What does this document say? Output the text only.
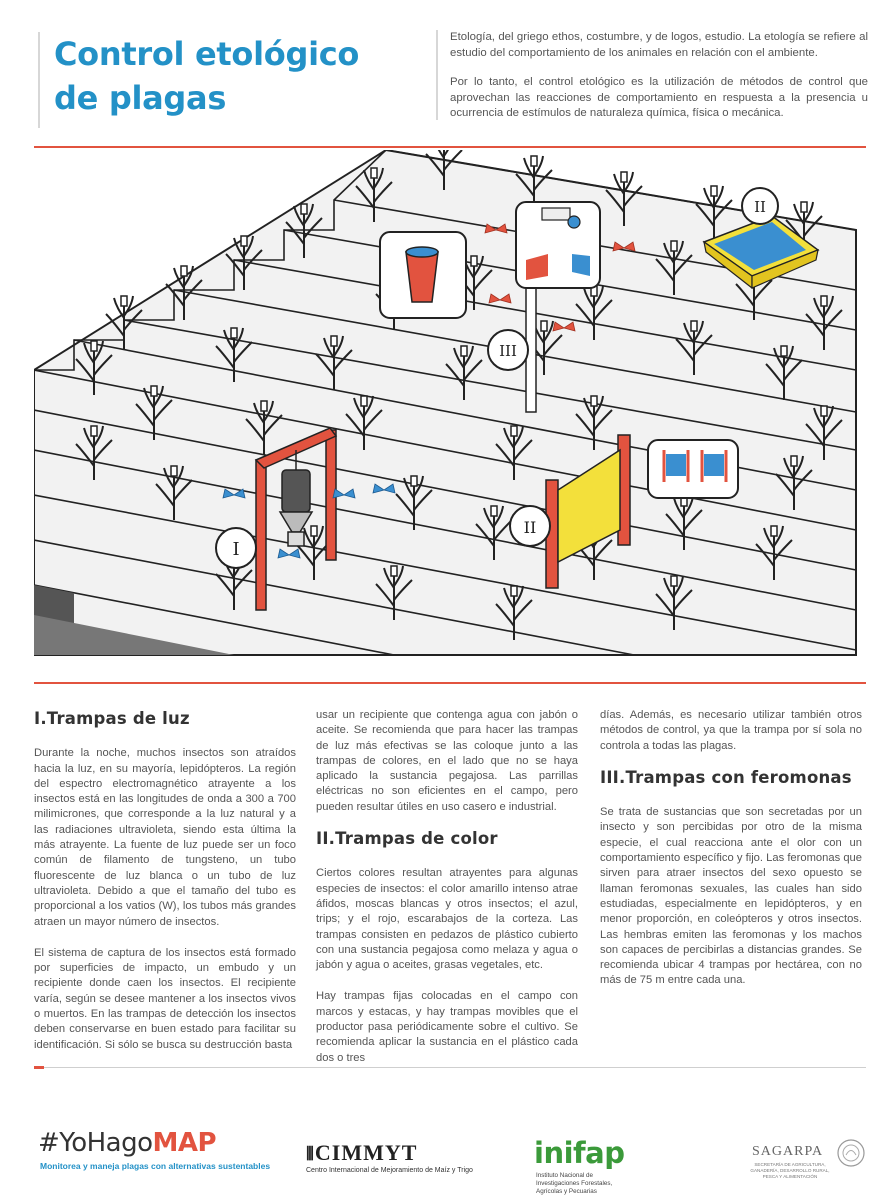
Control etológico
de plagas

Etología, del griego ethos, costumbre, y de logos, estudio. La etología se refiere al estudio del comportamiento de los animales en relación con el ambiente.

Por lo tanto, el control etológico es la utilización de métodos de control que aprovechan las reacciones de comportamiento en respuesta a la presencia u ocurrencia de estímulos de naturaleza química, física o mecánica.

I
II
II
III
I.Trampas de luz

Durante la noche, muchos insectos son atraídos hacia la luz, en su mayoría, lepidópteros. La región del espectro electromagnético atrayente a los insectos está en las longitudes de onda a 300 a 700 milimicrones, que corresponde a la luz natural y a las radiaciones ultravioleta, siendo esta última la más atrayente. La fuente de luz puede ser un foco común de filamento de tungsteno, un tubo fluorescente de luz blanca o un tubo de luz ultravioleta. Debido a que el tamaño del tubo es proporcional a los vatios (W), los tubos más grandes atraen un mayor número de insectos.

El sistema de captura de los insectos está formado por superficies de impacto, un embudo y un recipiente donde caen los insectos. El recipiente varía, según se desee mantener a los insectos vivos o muertos. En las trampas de detección los insectos deben conservarse en buen estado para facilitar su identificación. Si sólo se busca su destrucción basta

usar un recipiente que contenga agua con jabón o aceite. Se recomienda que para hacer las trampas de luz más efectivas se las coloque junto a las trampas de colores, en el lado que no se haya aplicado la sustancia pegajosa. Las parrillas eléctricas no son eficientes en el campo, pero pueden resultar útiles en uso casero e industrial.

II.Trampas de color

Ciertos colores resultan atrayentes para algunas especies de insectos: el color amarillo intenso atrae áfidos, moscas blancas y otros insectos; el azul, trips; y el rojo, escarabajos de la corteza. Las trampas consisten en pedazos de plástico cubierto con una sustancia pegajosa como melaza y agua o jabón y agua o aceites, grasas vegetales, etc.

Hay trampas fijas colocadas en el campo con marcos y estacas, y hay trampas movibles que el productor pasa periódicamente sobre el cultivo. Se recomienda aplicar la sustancia en el plástico cada dos o tres

días. Además, es necesario utilizar también otros métodos de control, ya que la trampa por sí sola no controla a todas las plagas.

III.Trampas con feromonas

Se trata de sustancias que son secretadas por un insecto y son percibidas por otro de la misma especie, el cual reacciona ante el olor con un comportamiento específico y fijo. Las feromonas que sirven para atraer insectos del sexo opuesto se llaman feromonas sexuales, las cuales han sido estudiadas, especialmente en lepidópteros, y en menor proporción, en coleópteros y otros insectos. Las hembras emiten las feromonas y los machos son capaces de percibirlas a distancias grandes. Se recomienda ubicar 4 trampas por hectárea, con no más de 75 m entre cada una.

#YoHagoMAP
Monitorea y maneja plagas con alternativas sustentables
⦀CIMMYT
Centro Internacional de Mejoramiento de Maíz y Trigo
inifap
Instituto Nacional de Investigaciones Forestales, Agrícolas y Pecuarias
SAGARPA
SECRETARÍA DE AGRICULTURA, GANADERÍA, DESARROLLO RURAL, PESCA Y ALIMENTACIÓN
